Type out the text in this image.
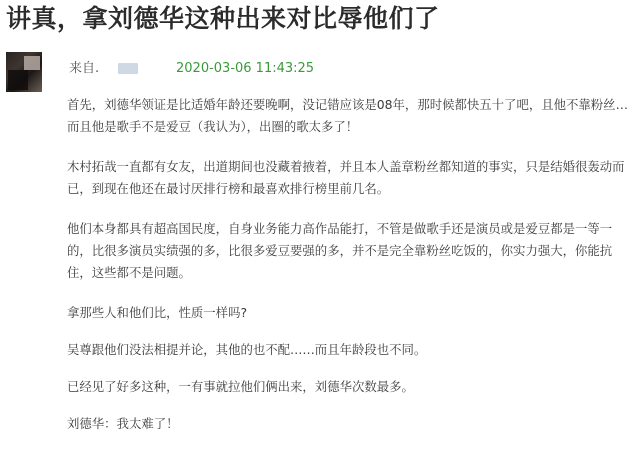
讲真，拿刘德华这种出来对比辱他们了
来自.	2020-03-06 11:43:25

首先，刘德华领证是比适婚年龄还要晚啊，没记错应该是08年，那时候都快五十了吧，且他不靠粉丝…而且他是歌手不是爱豆（我认为），出圈的歌太多了！

木村拓哉一直都有女友，出道期间也没藏着掖着，并且本人盖章粉丝都知道的事实，只是结婚很轰动而已，到现在他还在最讨厌排行榜和最喜欢排行榜里前几名。

他们本身都具有超高国民度，自身业务能力高作品能打，不管是做歌手还是演员或是爱豆都是一等一的，比很多演员实绩强的多，比很多爱豆要强的多，并不是完全靠粉丝吃饭的，你实力强大，你能抗住，这些都不是问题。

拿那些人和他们比，性质一样吗?

吴尊跟他们没法相提并论，其他的也不配……而且年龄段也不同。

已经见了好多这种，一有事就拉他们俩出来，刘德华次数最多。

刘德华：我太难了！
